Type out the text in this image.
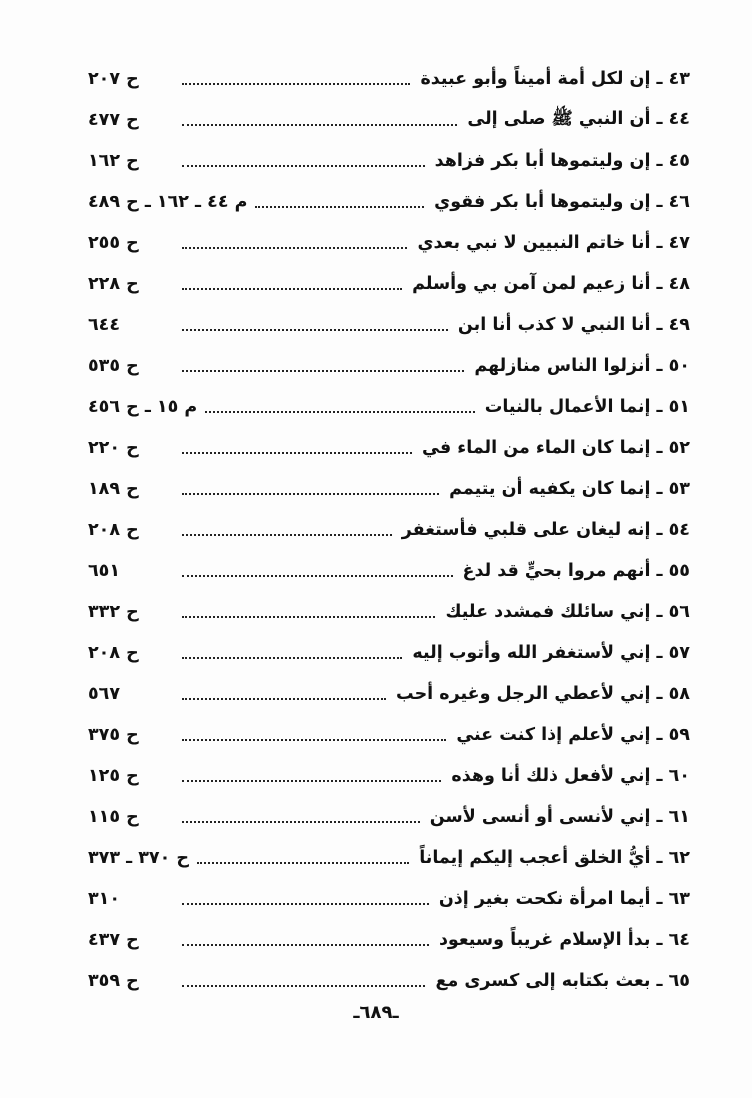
٤٣ ـ إن لكل أمة أميناً وأبو عبيدة
ح ٢٠٧
٤٤ ـ أن النبي ﷺ صلى إلى
ح ٤٧٧
٤٥ ـ إن وليتموها أبا بكر فزاهد
ح ١٦٢
٤٦ ـ إن وليتموها أبا بكر فقوي
م ٤٤ ـ ١٦٢ ـ ح ٤٨٩
٤٧ ـ أنا خاتم النبيين لا نبي بعدي
ح ٢٥٥
٤٨ ـ أنا زعيم لمن آمن بي وأسلم
ح ٢٢٨
٤٩ ـ أنا النبي لا كذب أنا ابن
٦٤٤
٥٠ ـ أنزلوا الناس منازلهم
ح ٥٣٥
٥١ ـ إنما الأعمال بالنيات
م ١٥ ـ ح ٤٥٦
٥٢ ـ إنما كان الماء من الماء في
ح ٢٢٠
٥٣ ـ إنما كان يكفيه أن يتيمم
ح ١٨٩
٥٤ ـ إنه ليغان على قلبي فأستغفر
ح ٢٠٨
٥٥ ـ أنهم مروا بحيٍّ قد لدغ
٦٥١
٥٦ ـ إني سائلك فمشدد عليك
ح ٣٣٢
٥٧ ـ إني لأستغفر الله وأتوب إليه
ح ٢٠٨
٥٨ ـ إني لأعطي الرجل وغيره أحب
٥٦٧
٥٩ ـ إني لأعلم إذا كنت عني
ح ٣٧٥
٦٠ ـ إني لأفعل ذلك أنا وهذه
ح ١٢٥
٦١ ـ إني لأنسى أو أنسى لأسن
ح ١١٥
٦٢ ـ أيُّ الخلق أعجب إليكم إيماناً
ح ٣٧٠ ـ ٣٧٣
٦٣ ـ أيما امرأة نكحت بغير إذن
٣١٠
٦٤ ـ بدأ الإسلام غريباً وسيعود
ح ٤٣٧
٦٥ ـ بعث بكتابه إلى كسرى مع
ح ٣٥٩
ـ٦٨٩ـ
